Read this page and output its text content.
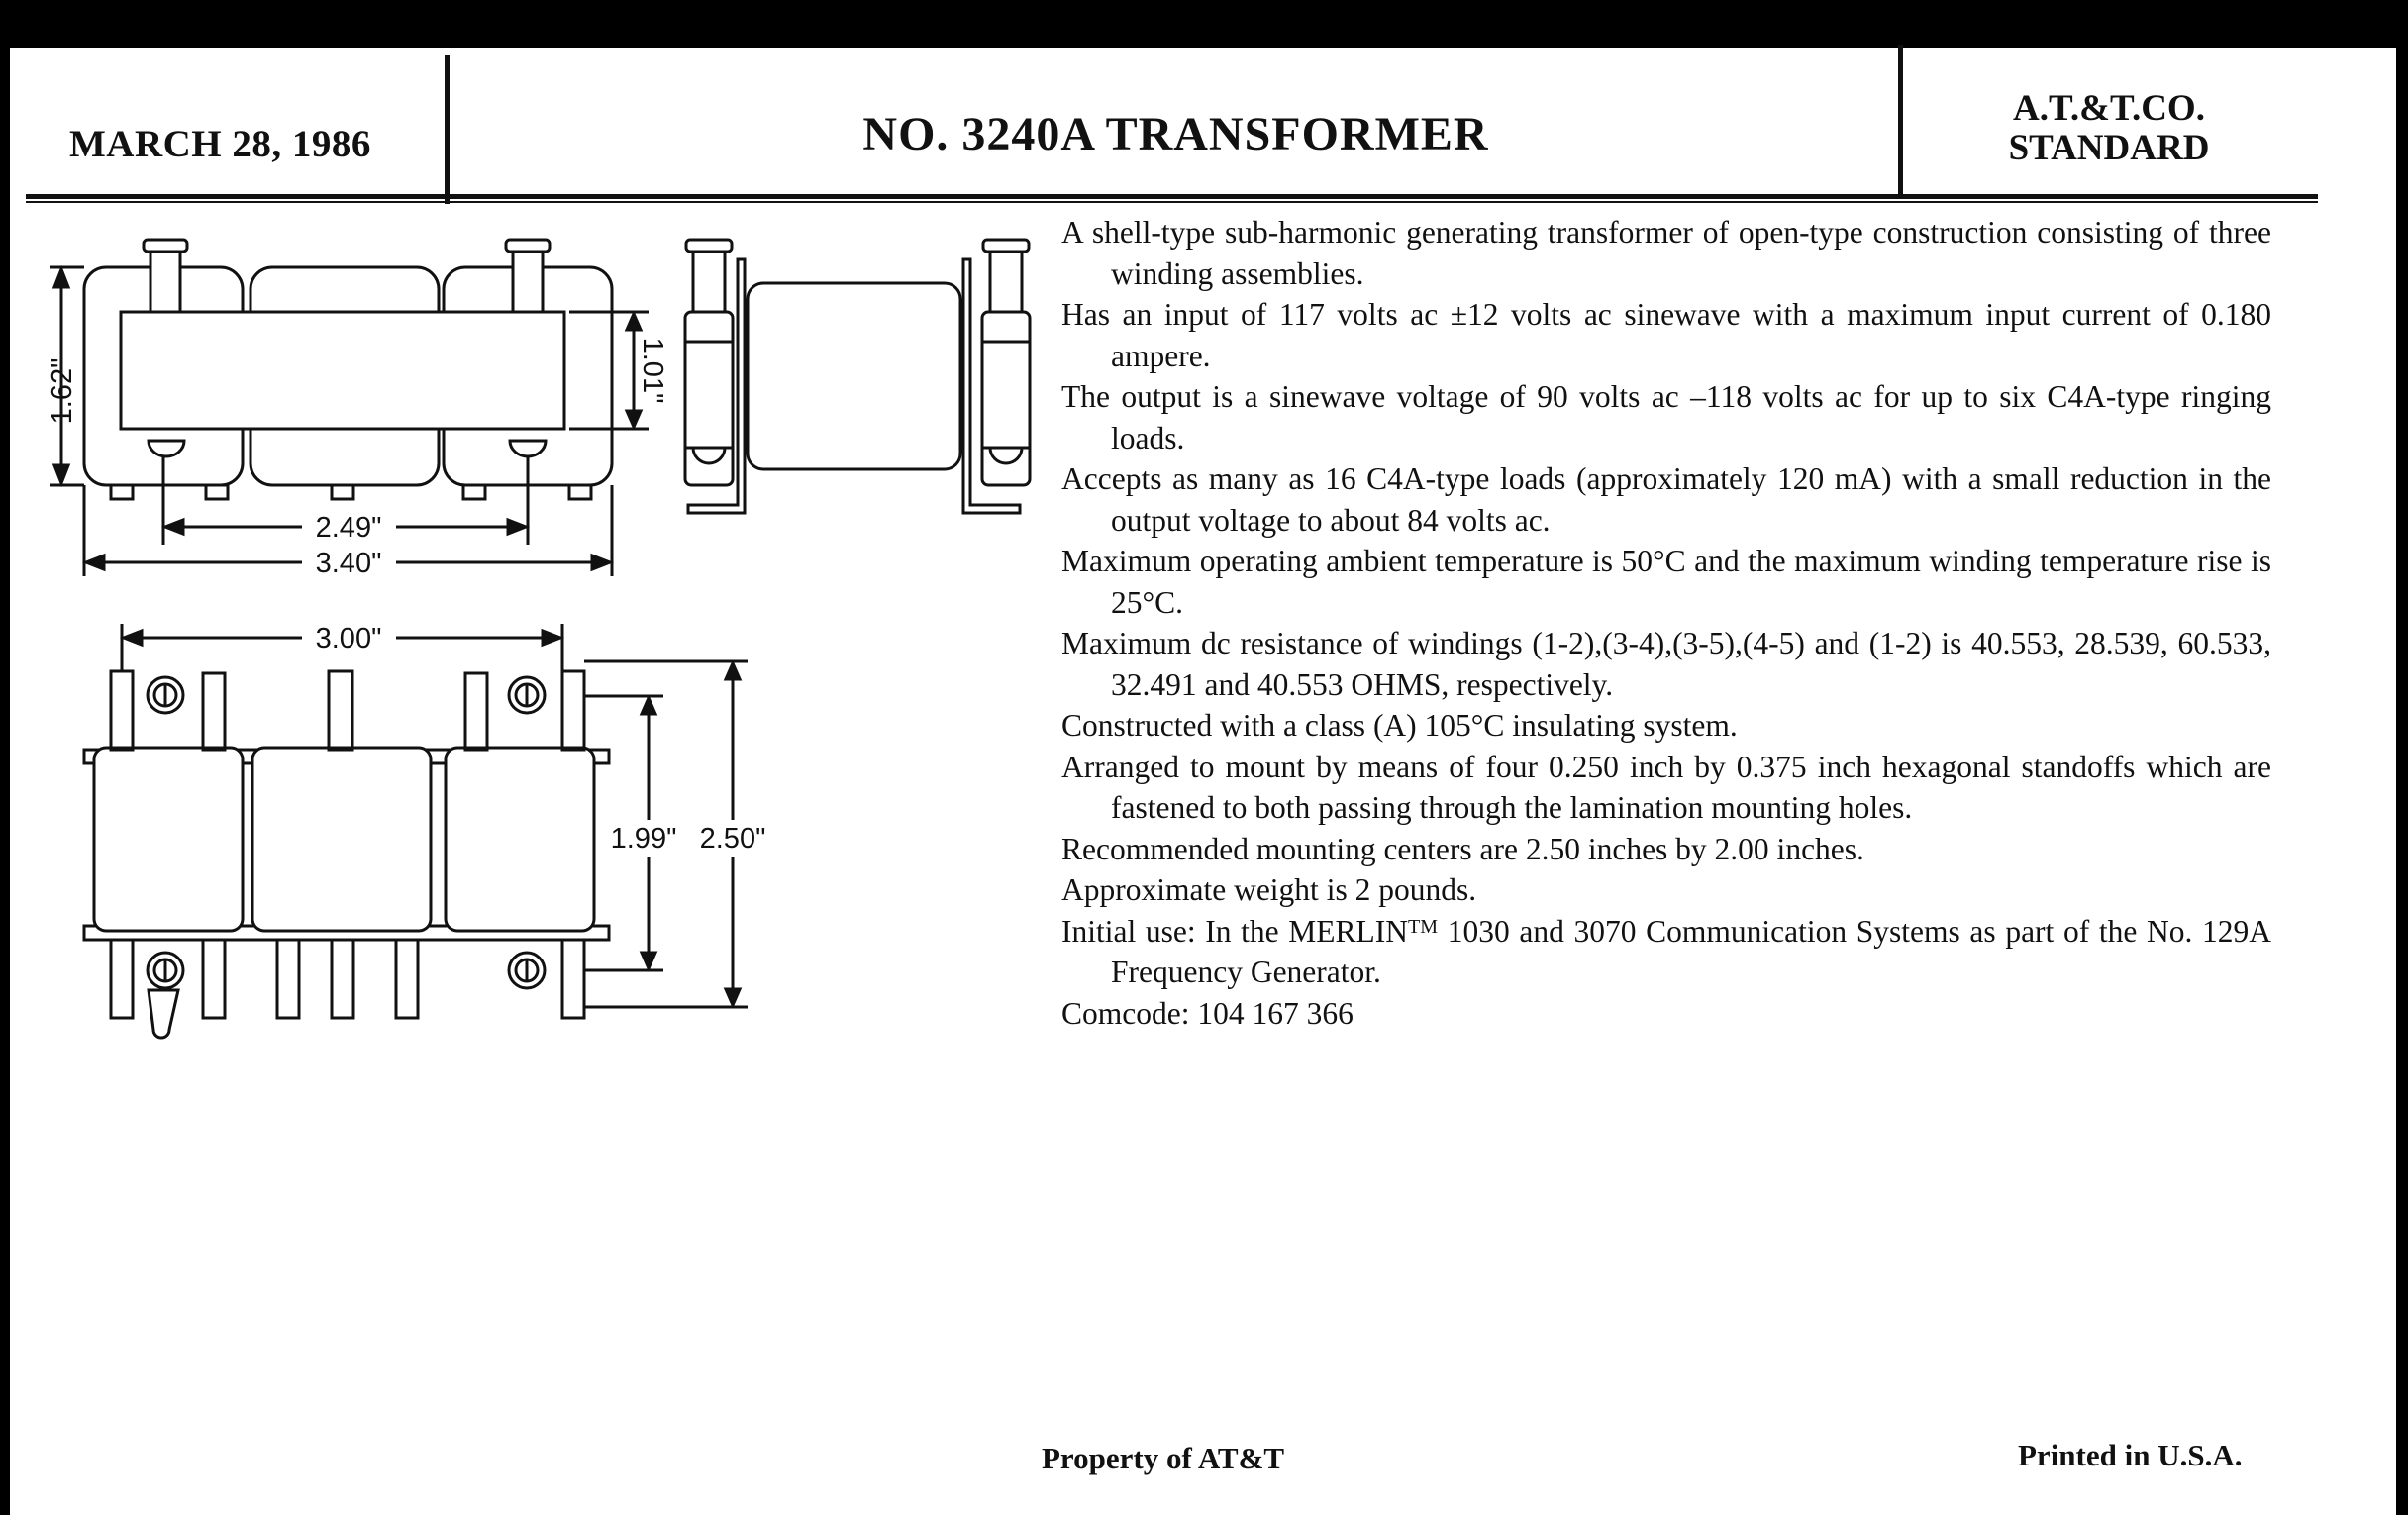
MARCH 28, 1986	NO. 3240A TRANSFORMER	A.T.&T.CO.
STANDARD
1.62"	1.01"
2.49"
3.40"
3.00"
1.99" 2.50"

A shell-type sub-harmonic generating transformer of open-type construction consisting of three winding assemblies.

Has an input of 117 volts ac ±12 volts ac sinewave with a maximum input current of 0.180 ampere.

The output is a sinewave voltage of 90 volts ac –118 volts ac for up to six C4A-type ringing loads.

Accepts as many as 16 C4A-type loads (approximately 120 mA) with a small reduction in the output voltage to about 84 volts ac.

Maximum operating ambient temperature is 50°C and the maximum winding temperature rise is 25°C.

Maximum dc resistance of windings (1-2),(3-4),(3-5),(4-5) and (1-2) is 40.553, 28.539, 60.533, 32.491 and 40.553 OHMS, respectively.

Constructed with a class (A) 105°C insulating system.

Arranged to mount by means of four 0.250 inch by 0.375 inch hexagonal standoffs which are fastened to both passing through the lamination mounting holes.

Recommended mounting centers are 2.50 inches by 2.00 inches.

Approximate weight is 2 pounds.

Initial use: In the MERLIN™ 1030 and 3070 Communication Systems as part of the No. 129A Frequency Generator.

Comcode: 104 167 366

Property of AT&T	Printed in U.S.A.
